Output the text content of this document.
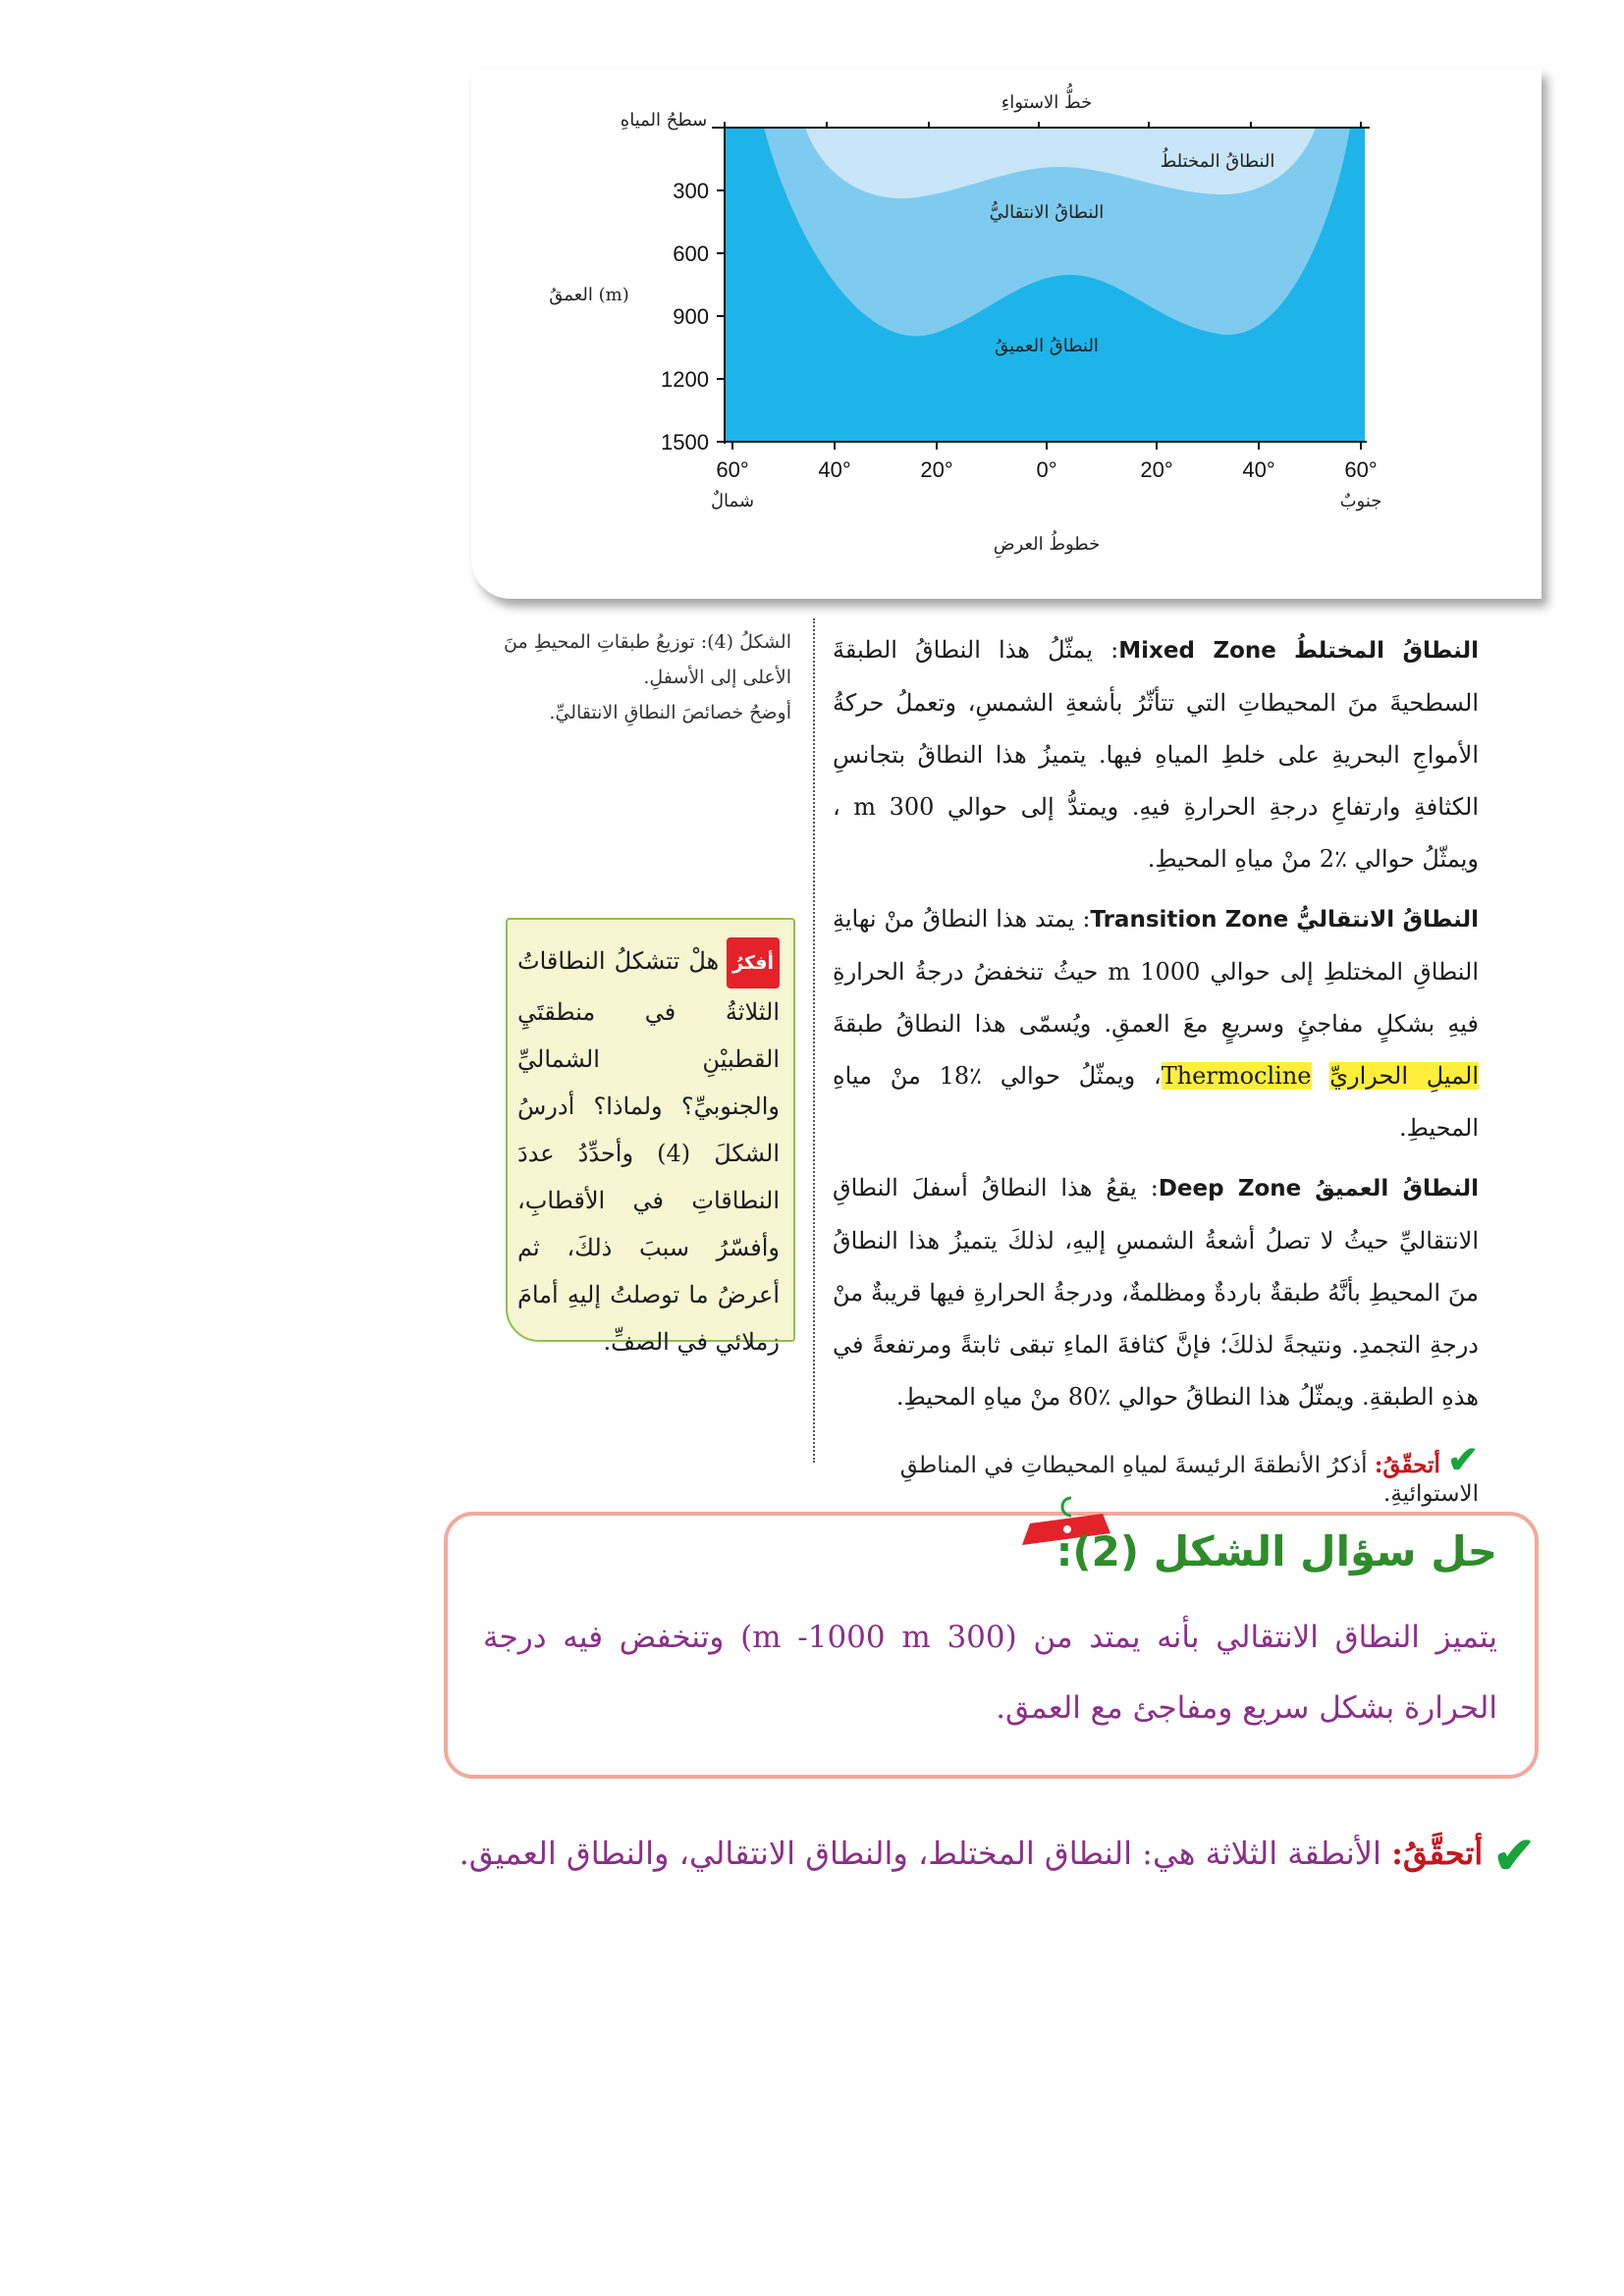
300
600
900
1200
1500
60°	40°	20°	0°	20°	40°	60°
شمالٌ	جنوبٌ
خطوطُ العرضِ
خطُّ الاستواءِ
سطحُ المياهِ
العمقُ (m)
النطاقُ المختلطُ
النطاقُ الانتقاليُّ
النطاقُ العميقُ
الشكلُ (4): توزيعُ طبقاتِ المحيطِ منَ
الأعلى إلى الأسفلِ.
أوضحُ خصائصَ النطاقِ الانتقاليِّ.
النطاقُ المختلطُ Mixed Zone: يمثّلُ هذا النطاقُ الطبقةَ السطحيةَ منَ المحيطاتِ التي تتأثّرُ بأشعةِ الشمسِ، وتعملُ حركةُ الأمواجِ البحريةِ على خلطِ المياهِ فيها. يتميزُ هذا النطاقُ بتجانسِ الكثافةِ وارتفاعِ درجةِ الحرارةِ فيهِ. ويمتدُّ إلى حوالي 300 m ، ويمثّلُ حوالي ٪2 منْ مياهِ المحيطِ.
النطاقُ الانتقاليُّ Transition Zone: يمتد هذا النطاقُ منْ نهايةِ النطاقِ المختلطِ إلى حوالي 1000 m حيثُ تنخفضُ درجةُ الحرارةِ فيهِ بشكلٍ مفاجئٍ وسريعٍ معَ العمقِ. ويُسمّى هذا النطاقُ طبقةَ الميلِ الحراريِّ Thermocline، ويمثّلُ حوالي ٪18 منْ مياهِ المحيطِ.
النطاقُ العميقُ Deep Zone: يقعُ هذا النطاقُ أسفلَ النطاقِ الانتقاليِّ حيثُ لا تصلُ أشعةُ الشمسِ إليهِ، لذلكَ يتميزُ هذا النطاقُ منَ المحيطِ بأنَّهُ طبقةٌ باردةٌ ومظلمةٌ، ودرجةُ الحرارةِ فيها قريبةٌ منْ درجةِ التجمدِ. ونتيجةً لذلكَ؛ فإنَّ كثافةَ الماءِ تبقى ثابتةً ومرتفعةً في هذهِ الطبقةِ. ويمثّلُ هذا النطاقُ حوالي ٪80 منْ مياهِ المحيطِ.
✔ أتحقّقُ: أذكرُ الأنطقةَ الرئيسةَ لمياهِ المحيطاتِ في المناطقِ الاستوائيةِ.
أفكرُهلْ تتشكلُ النطاقاتُ الثلاثةُ في منطقتَيِ القطبيْنِ الشماليِّ والجنوبيِّ؟ ولماذا؟ أدرسُ الشكلَ (4) وأحدِّدُ عددَ النطاقاتِ في الأقطابِ، وأفسّرُ سببَ ذلكَ، ثم أعرضُ ما توصلتُ إليهِ أمامَ زملائي في الصفِّ.
حل سؤال الشكل (2):
يتميز النطاق الانتقالي بأنه يمتد من (300 m -1000 m) وتنخفض فيه درجة الحرارة بشكل سريع ومفاجئ مع العمق.
✔ أتحقَّقُ: الأنطقة الثلاثة هي: النطاق المختلط، والنطاق الانتقالي، والنطاق العميق.
